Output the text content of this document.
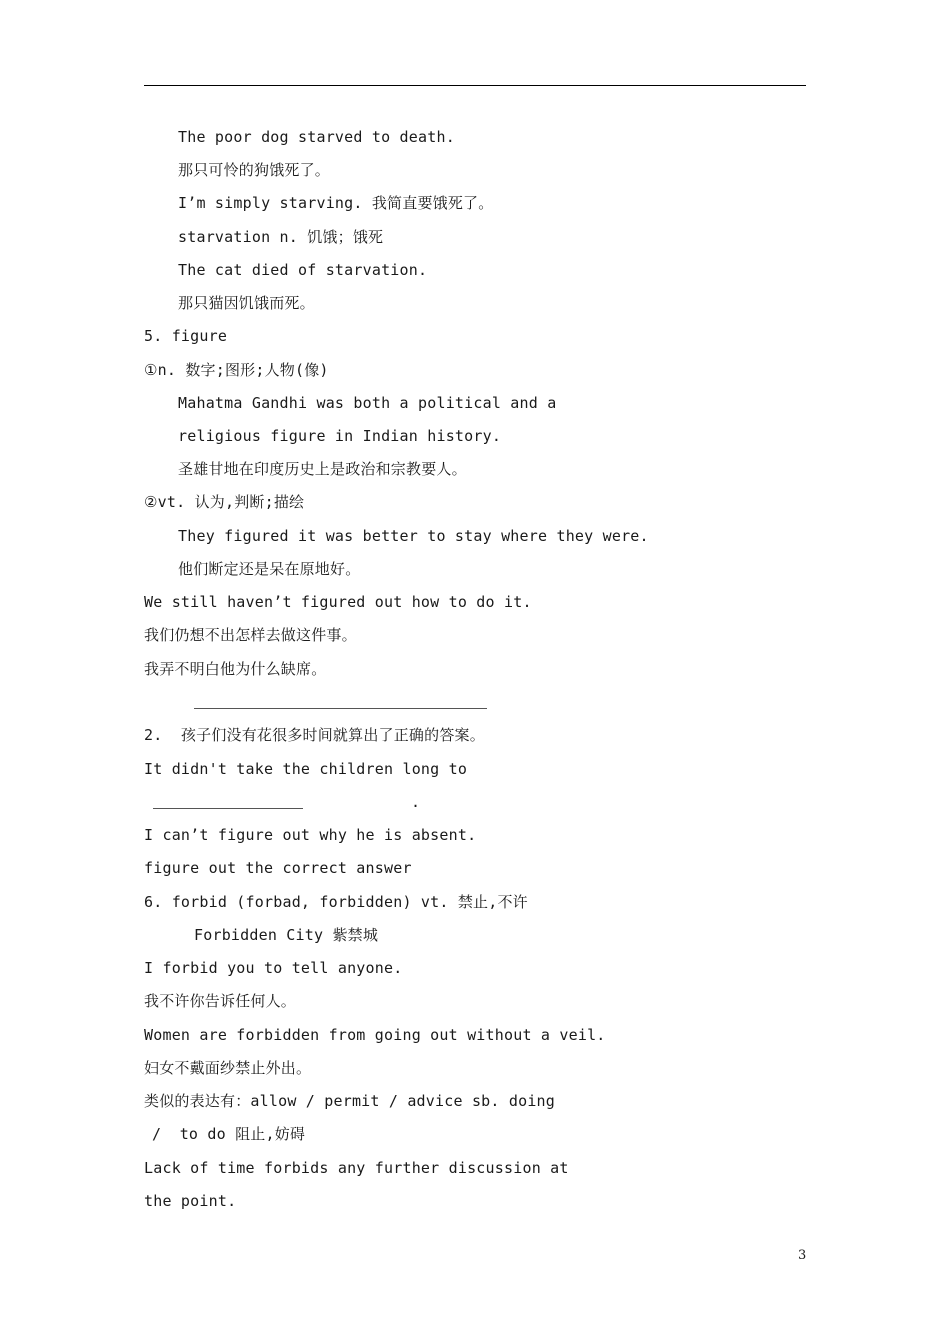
The poor dog starved to death.
那只可怜的狗饿死了。
I’m simply starving. 我简直要饿死了。
starvation n. 饥饿；饿死
The cat died of starvation.
那只猫因饥饿而死。
5. figure
①n. 数字;图形;人物(像)
Mahatma Gandhi was both a political and a
religious figure in Indian history.
圣雄甘地在印度历史上是政治和宗教要人。
②vt. 认为,判断;描绘
They figured it was better to stay where they were.
他们断定还是呆在原地好。
We still haven’t figured out how to do it.
我们仍想不出怎样去做这件事。
我弄不明白他为什么缺席。
2.  孩子们没有花很多时间就算出了正确的答案。
It didn't take the children long to
.
I can’t figure out why he is absent.
figure out the correct answer
6. forbid (forbad, forbidden) vt. 禁止,不许
Forbidden City 紫禁城
I forbid you to tell anyone.
我不许你告诉任何人。
Women are forbidden from going out without a veil.
妇女不戴面纱禁止外出。
类似的表达有：allow / permit / advice sb. doing
/  to do 阻止,妨碍
Lack of time forbids any further discussion at
the point.
3
